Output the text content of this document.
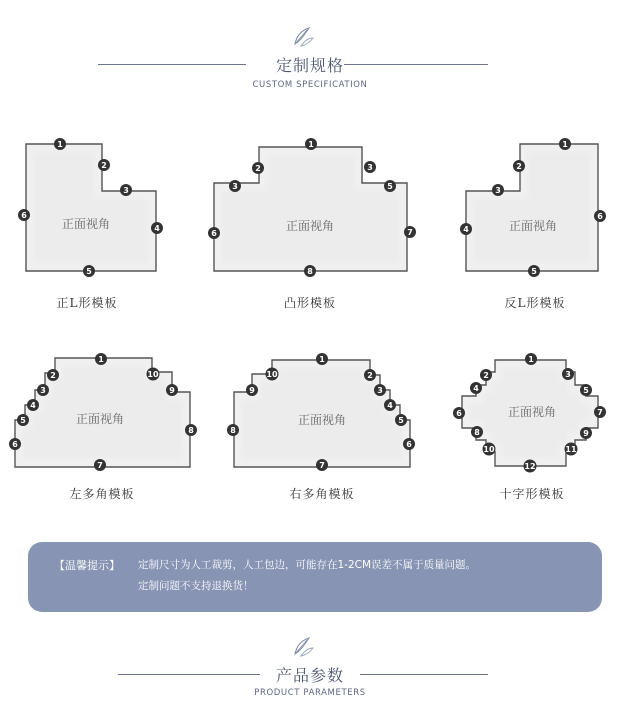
定制规格
CUSTOM SPECIFICATION
正面视角	正面视角	正面视角
正面视角	正面视角
正面视角
1
2
3
4
5
6
1
2
3
3
5
6	7
8
1
2
3
4
5
6
1
2
3
4
5
6
7
8
9
10
1
2
3
4
5
6
7
8
9
10
1
2	3
4	5
6	7
8	9
10	11
12
正L形模板	凸形模板	反L形模板
左多角模板	右多角模板	十字形模板
【温馨提示】 定制尺寸为人工裁剪，人工包边，可能存在1-2CM误差不属于质量问题。
定制问题不支持退换货！
产品参数
PRODUCT PARAMETERS
